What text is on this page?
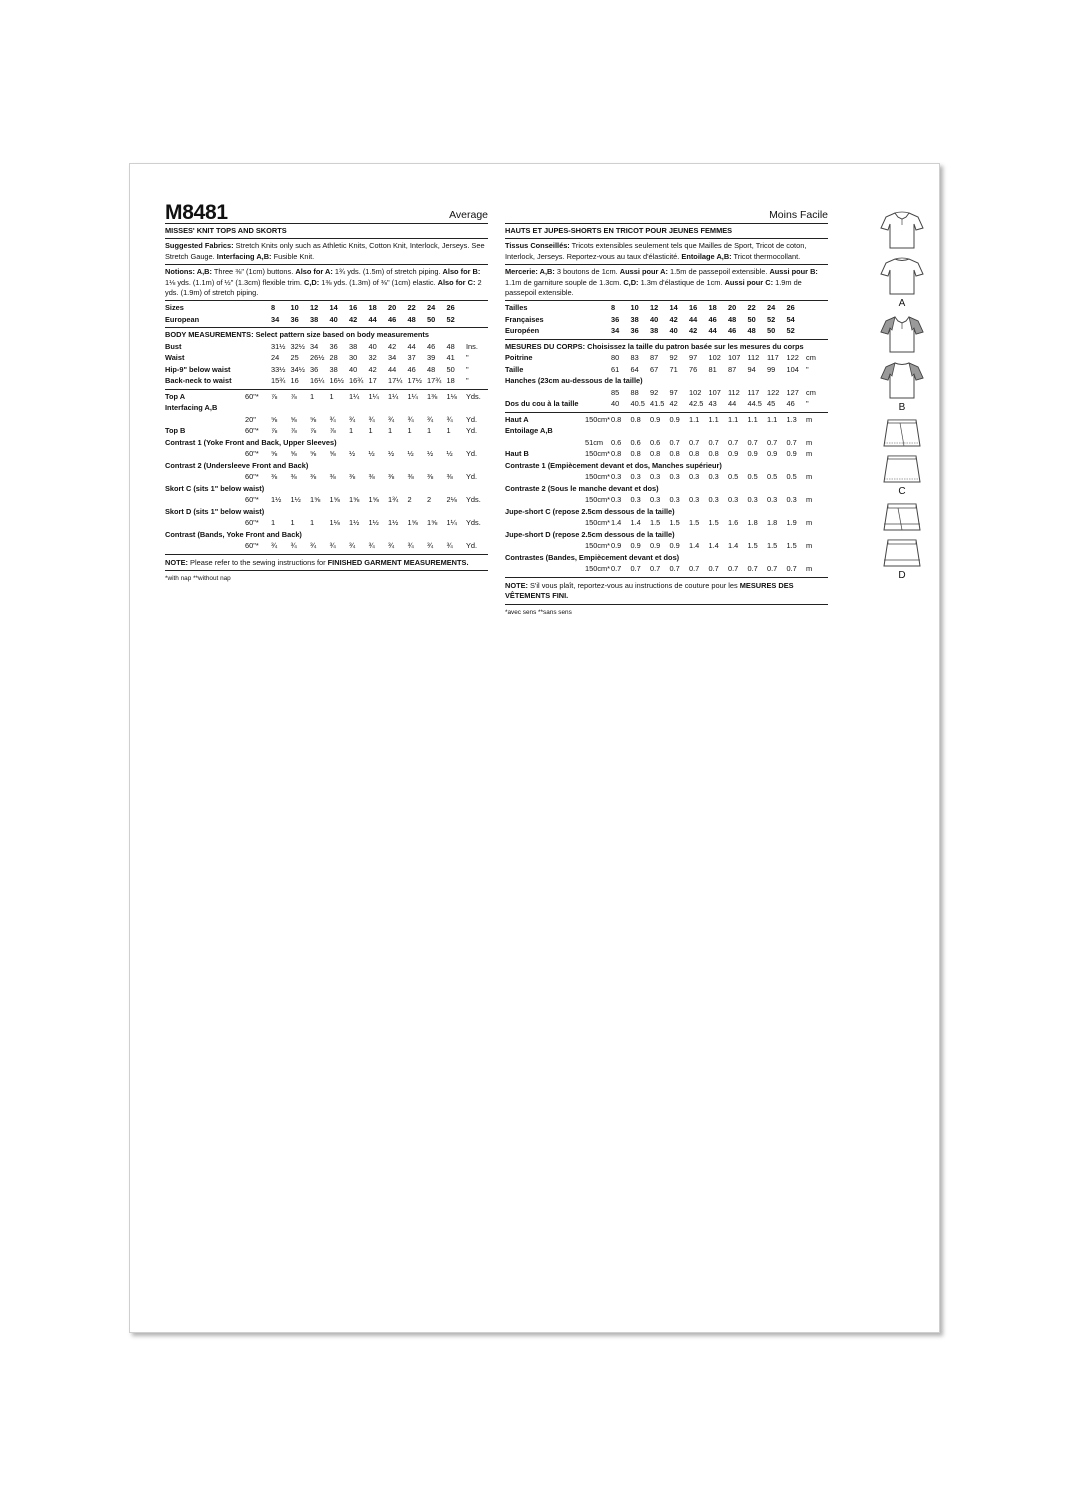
M8481	Average
MISSES' KNIT TOPS AND SKORTS
Suggested Fabrics: Stretch Knits only such as Athletic Knits, Cotton Knit, Interlock, Jerseys. See Stretch Gauge. Interfacing A,B: Fusible Knit.
Notions: A,B: Three ⅜" (1cm) buttons. Also for A: 1¾ yds. (1.5m) of stretch piping. Also for B: 1⅛ yds. (1.1m) of ½" (1.3cm) flexible trim. C,D: 1⅜ yds. (1.3m) of ⅜" (1cm) elastic. Also for C: 2 yds. (1.9m) of stretch piping.
Sizes	8	10	12	14	16	18	20	22	24	26	
European	34	36	38	40	42	44	46	48	50	52	
BODY MEASUREMENTS: Select pattern size based on body measurements											
Bust	31½	32½	34	36	38	40	42	44	46	48	Ins.
Waist	24	25	26½	28	30	32	34	37	39	41	"
Hip-9" below waist	33½	34½	36	38	40	42	44	46	48	50	"
Back-neck to waist	15¾	16	16¼	16½	16¾	17	17¼	17½	17¾	18	"
Top A	60"*	⅞	⅞	1	1	1¼	1¼	1¼	1¼	1⅜	1⅛	Yds.
Interfacing A,B												
	20"	⅝	⅝	⅝	¾	¾	¾	¾	¾	¾	¾	Yd.
Top B	60"*	⅞	⅞	⅞	⅞	1	1	1	1	1	1	Yd.
Contrast 1 (Yoke Front and Back, Upper Sleeves)												
	60"*	⅝	⅝	⅝	⅝	½	½	½	½	½	½	Yd.
Contrast 2 (Undersleeve Front and Back)												
	60"*	⅜	⅜	⅜	⅜	⅜	⅜	⅜	⅜	⅜	⅜	Yd.
Skort C (sits 1" below waist)												
	60"*	1½	1½	1⅝	1⅝	1⅝	1⅝	1¾	2	2	2⅛	Yds.
Skort D (sits 1" below waist)												
	60"*	1	1	1	1⅛	1½	1½	1½	1⅝	1⅝	1¼	Yds.
Contrast (Bands, Yoke Front and Back)												
	60"*	¾	¾	¾	¾	¾	¾	¾	¾	¾	¾	Yd.
NOTE: Please refer to the sewing instructions for FINISHED GARMENT MEASUREMENTS.
*with nap **without nap
Moins Facile
HAUTS ET JUPES-SHORTS EN TRICOT POUR JEUNES FEMMES
Tissus Conseillés: Tricots extensibles seulement tels que Mailles de Sport, Tricot de coton, Interlock, Jerseys. Reportez-vous au taux d'élasticité. Entoilage A,B: Tricot thermocollant.
Mercerie: A,B: 3 boutons de 1cm. Aussi pour A: 1.5m de passepoil extensible. Aussi pour B: 1.1m de garniture souple de 1.3cm. C,D: 1.3m d'élastique de 1cm. Aussi pour C: 1.9m de passepoil extensible.
Tailles	8	10	12	14	16	18	20	22	24	26	
Françaises	36	38	40	42	44	46	48	50	52	54	
Européen	34	36	38	40	42	44	46	48	50	52	
MESURES DU CORPS: Choisissez la taille du patron basée sur les mesures du corps											
Poitrine	80	83	87	92	97	102	107	112	117	122	cm
Taille	61	64	67	71	76	81	87	94	99	104	"
Hanches (23cm au-dessous de la taille)											
	85	88	92	97	102	107	112	117	122	127	cm
Dos du cou à la taille	40	40.5	41.5	42	42.5	43	44	44.5	45	46	"
Haut A	150cm*	0.8	0.8	0.9	0.9	1.1	1.1	1.1	1.1	1.1	1.3	m
Entoilage A,B												
	51cm	0.6	0.6	0.6	0.7	0.7	0.7	0.7	0.7	0.7	0.7	m
Haut B	150cm*	0.8	0.8	0.8	0.8	0.8	0.8	0.9	0.9	0.9	0.9	m
Contraste 1 (Empiècement devant et dos, Manches supérieur)												
	150cm*	0.3	0.3	0.3	0.3	0.3	0.3	0.5	0.5	0.5	0.5	m
Contraste 2 (Sous le manche devant et dos)												
	150cm*	0.3	0.3	0.3	0.3	0.3	0.3	0.3	0.3	0.3	0.3	m
Jupe-short C (repose 2.5cm dessous de la taille)												
	150cm*	1.4	1.4	1.5	1.5	1.5	1.5	1.6	1.8	1.8	1.9	m
Jupe-short D (repose 2.5cm dessous de la taille)												
	150cm*	0.9	0.9	0.9	0.9	1.4	1.4	1.4	1.5	1.5	1.5	m
Contrastes (Bandes, Empiècement devant et dos)												
	150cm*	0.7	0.7	0.7	0.7	0.7	0.7	0.7	0.7	0.7	0.7	m
NOTE: S'il vous plaît, reportez-vous au instructions de couture pour les MESURES DES VÊTEMENTS FINI.
*avec sens **sans sens
A
B
C
D
